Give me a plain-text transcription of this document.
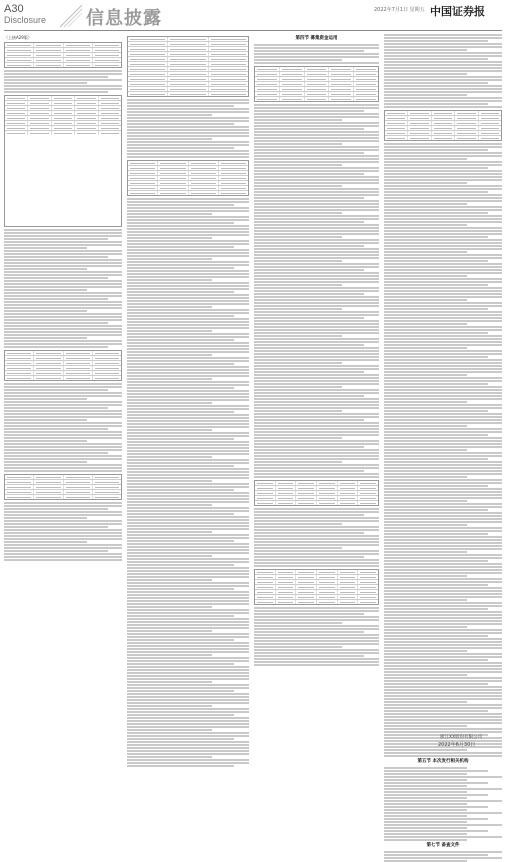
A30
Disclosure 信息披露	2022年7月1日 星期五 中国证券报
（上接A29版）	第四节 募集资金运用
第五节 本次发行相关机构
第七节 备查文件
浙江XX股份有限公司
2022年6月30日
